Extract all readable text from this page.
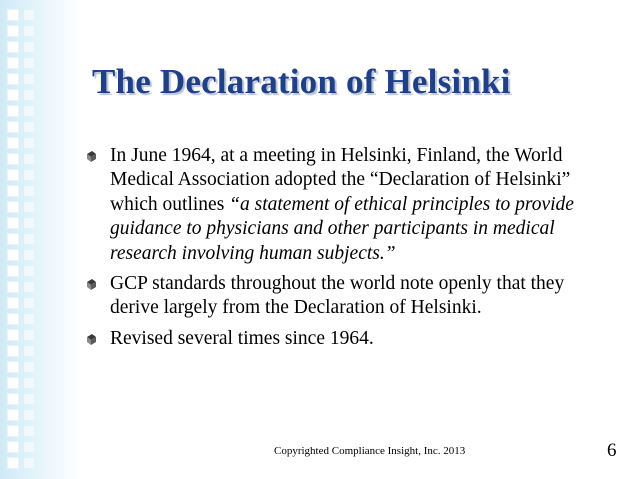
The Declaration of Helsinki
In June 1964, at a meeting in Helsinki, Finland, the World Medical Association adopted the “Declaration of Helsinki” which outlines “a statement of ethical principles to provide guidance to physicians and other participants in medical research involving human subjects.”
GCP standards throughout the world note openly that they derive largely from the Declaration of Helsinki.
Revised several times since 1964.
Copyrighted Compliance Insight, Inc. 2013	6
